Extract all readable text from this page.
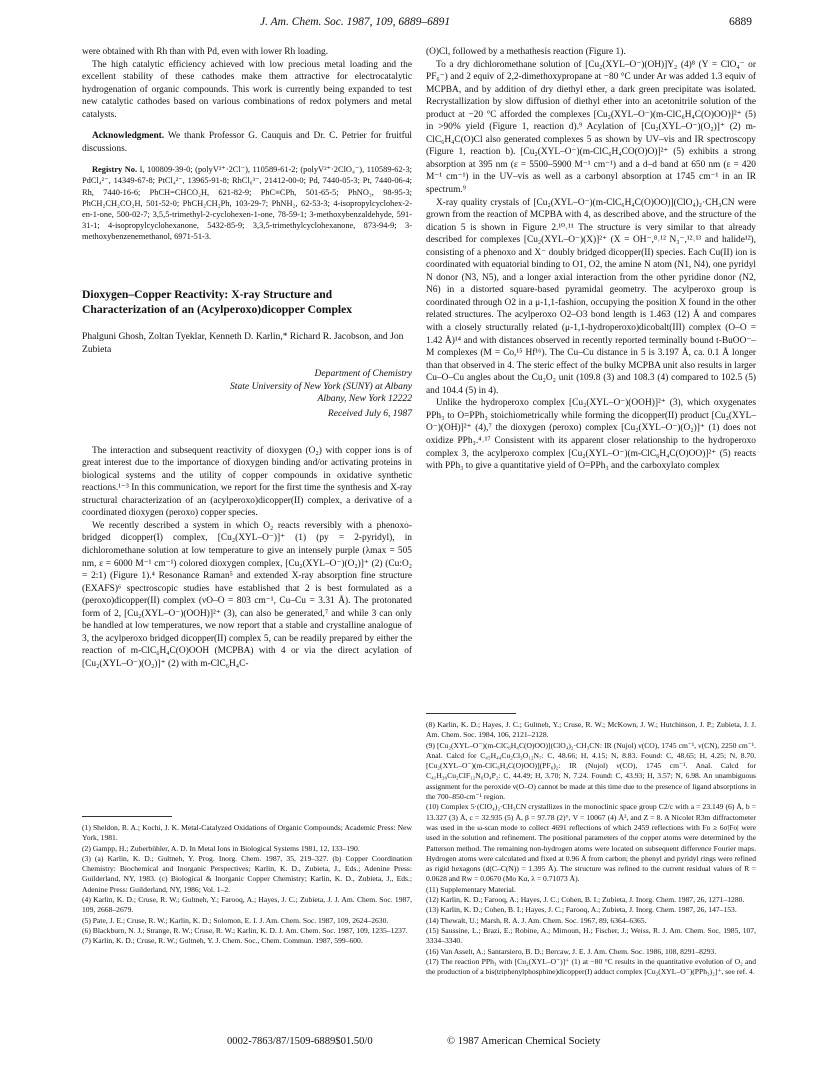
J. Am. Chem. Soc. 1987, 109, 6889–6891	6889

were obtained with Rh than with Pd, even with lower Rh loading.

The high catalytic efficiency achieved with low precious metal loading and the excellent stability of these cathodes make them attractive for electrocatalytic hydrogenation of organic compounds. This work is currently being expanded to test new catalytic cathodes based on various combinations of redox polymers and metal catalysts.

Acknowledgment. We thank Professor G. Cauquis and Dr. C. Petrier for fruitful discussions.

Registry No. I, 100809-39-0; (polyV²⁺·2Cl⁻), 110589-61-2; (polyV²⁺·2ClO₄⁻), 110589-62-3; PdCl₄²⁻, 14349-67-8; PtCl₄²⁻, 13965-91-8; RhCl₆³⁻, 21412-00-0; Pd, 7440-05-3; Pt, 7440-06-4; Rh, 7440-16-6; PhCH=CHCO₂H, 621-82-9; PhC≡CPh, 501-65-5; PhNO₂, 98-95-3; PhCH₂CH₂CO₂H, 501-52-0; PhCH₂CH₂Ph, 103-29-7; PhNH₂, 62-53-3; 4-isopropylcyclohex-2-en-1-one, 500-02-7; 3,5,5-trimethyl-2-cyclohexen-1-one, 78-59-1; 3-methoxybenzaldehyde, 591-31-1; 4-isopropylcyclohexanone, 5432-85-9; 3,3,5-trimethylcyclohexanone, 873-94-9; 3-methoxybenzenemethanol, 6971-51-3.

Dioxygen–Copper Reactivity: X-ray Structure and Characterization of an (Acylperoxo)dicopper Complex
Phalguni Ghosh, Zoltan Tyeklar, Kenneth D. Karlin,* Richard R. Jacobson, and Jon Zubieta
Department of Chemistry
State University of New York (SUNY) at Albany
Albany, New York 12222
Received July 6, 1987

The interaction and subsequent reactivity of dioxygen (O₂) with copper ions is of great interest due to the importance of dioxygen binding and/or activating proteins in biological systems and the utility of copper compounds in oxidative synthetic reactions.¹⁻³ In this communication, we report for the first time the synthesis and X-ray structural characterization of an (acylperoxo)dicopper(II) complex, a derivative of a coordinated dioxygen (peroxo) copper species.

We recently described a system in which O₂ reacts reversibly with a phenoxo-bridged dicopper(I) complex, [Cu₂(XYL–O⁻)]⁺ (1) (py = 2-pyridyl), in dichloromethane solution at low temperature to give an intensely purple (λmax = 505 nm, ε = 6000 M⁻¹ cm⁻¹) colored dioxygen complex, [Cu₂(XYL–O⁻)(O₂)]⁺ (2) (Cu:O₂ = 2:1) (Figure 1).⁴ Resonance Raman⁵ and extended X-ray absorption fine structure (EXAFS)⁶ spectroscopic studies have established that 2 is best formulated as a (peroxo)dicopper(II) complex (νO–O = 803 cm⁻¹, Cu–Cu = 3.31 Å). The protonated form of 2, [Cu₂(XYL–O⁻)(OOH)]²⁺ (3), can also be generated,⁷ and while 3 can only be handled at low temperatures, we now report that a stable and crystalline analogue of 3, the acylperoxo bridged dicopper(II) complex 5, can be readily prepared by either the reaction of m-ClC₆H₄C(O)OOH (MCPBA) with 4 or via the direct acylation of [Cu₂(XYL–O⁻)(O₂)]⁺ (2) with m-ClC₆H₄C-

(1) Sheldon, R. A.; Kochi, J. K. Metal-Catalyzed Oxidations of Organic Compounds; Academic Press: New York, 1981.

(2) Gampp, H.; Zuberbühler, A. D. In Metal Ions in Biological Systems 1981, 12, 133–190.

(3) (a) Karlin, K. D.; Gultneh, Y. Prog. Inorg. Chem. 1987, 35, 219–327. (b) Copper Coordination Chemistry: Biochemical and Inorganic Perspectives; Karlin, K. D., Zubieta, J., Eds.; Adenine Press: Guilderland, NY, 1983. (c) Biological & Inorganic Copper Chemistry; Karlin, K. D., Zubieta, J., Eds.; Adenine Press: Guilderland, NY, 1986; Vol. 1–2.

(4) Karlin, K. D.; Cruse, R. W.; Gultneh, Y.; Farooq, A.; Hayes, J. C.; Zubieta, J. J. Am. Chem. Soc. 1987, 109, 2668–2679.

(5) Pate, J. E.; Cruse, R. W.; Karlin, K. D.; Solomon, E. I. J. Am. Chem. Soc. 1987, 109, 2624–2630.

(6) Blackburn, N. J.; Strange, R. W.; Cruse, R. W.; Karlin, K. D. J. Am. Chem. Soc. 1987, 109, 1235–1237.

(7) Karlin, K. D.; Cruse, R. W.; Gultneh, Y. J. Chem. Soc., Chem. Commun. 1987, 599–600.

(O)Cl, followed by a methathesis reaction (Figure 1).

To a dry dichloromethane solution of [Cu₂(XYL–O⁻)(OH)]Y₂ (4)⁸ (Y = ClO₄⁻ or PF₆⁻) and 2 equiv of 2,2-dimethoxypropane at −80 °C under Ar was added 1.3 equiv of MCPBA, and by addition of dry diethyl ether, a dark green precipitate was isolated. Recrystallization by slow diffusion of diethyl ether into an acetonitrile solution of the product at −20 °C afforded the complexes [Cu₂(XYL–O⁻)(m-ClC₆H₄C(O)OO)]²⁺ (5) in >90% yield (Figure 1, reaction d).⁹ Acylation of [Cu₂(XYL–O⁻)(O₂)]⁺ (2) m-ClC₆H₄C(O)Cl also generated complexes 5 as shown by UV–vis and IR spectroscopy (Figure 1, reaction b). [Cu₂(XYL–O⁻)(m-ClC₆H₄CO(O)O)]²⁺ (5) exhibits a strong absorption at 395 nm (ε = 5500–5900 M⁻¹ cm⁻¹) and a d–d band at 650 nm (ε = 420 M⁻¹ cm⁻¹) in the UV–vis as well as a carbonyl absorption at 1745 cm⁻¹ in an IR spectrum.⁹

X-ray quality crystals of [Cu₂(XYL–O⁻)(m-ClC₆H₄C(O)OO)](ClO₄)₂·CH₃CN were grown from the reaction of MCPBA with 4, as described above, and the structure of the dication 5 is shown in Figure 2.¹⁰˒¹¹ The structure is very similar to that already described for complexes [Cu₂(XYL–O⁻)(X)]²⁺ (X = OH⁻,⁸˒¹² N₃⁻,¹²˒¹³ and halide¹²), consisting of a phenoxo and X⁻ doubly bridged dicopper(II) species. Each Cu(II) ion is coordinated with equatorial binding to O1, O2, the amine N atom (N1, N4), one pyridyl N donor (N3, N5), and a longer axial interaction from the other pyridine donor (N2, N6) in a distorted square-based pyramidal geometry. The acylperoxo group is coordinated through O2 in a μ-1,1-fashion, occupying the position X found in the other related structures. The acylperoxo O2–O3 bond length is 1.463 (12) Å and compares with a closely structurally related (μ-1,1-hydroperoxo)dicobalt(III) complex (O–O = 1.42 Å)¹⁴ and with distances observed in recently reported terminally bound t-BuOO⁻–M complexes (M = Co,¹⁵ Hf¹⁶). The Cu–Cu distance in 5 is 3.197 Å, ca. 0.1 Å longer than that observed in 4. The steric effect of the bulky MCPBA unit also results in larger Cu–O–Cu angles about the Cu₂O₂ unit (109.8 (3) and 108.3 (4) compared to 102.5 (5) and 104.4 (5) in 4).

Unlike the hydroperoxo complex [Cu₂(XYL–O⁻)(OOH)]²⁺ (3), which oxygenates PPh₃ to O=PPh₃ stoichiometrically while forming the dicopper(II) product [Cu₂(XYL–O⁻)(OH)]²⁺ (4),⁷ the dioxygen (peroxo) complex [Cu₂(XYL–O⁻)(O₂)]⁺ (1) does not oxidize PPh₃.⁴˒¹⁷ Consistent with its apparent closer relationship to the hydroperoxo complex 3, the acylperoxo complex [Cu₂(XYL–O⁻)(m-ClC₆H₄C(O)OO)]²⁺ (5) reacts with PPh₃ to give a quantitative yield of O=PPh₃ and the carboxylato complex

(8) Karlin, K. D.; Hayes, J. C.; Gultneh, Y.; Cruse, R. W.; McKown, J. W.; Hutchinson, J. P.; Zubieta, J. J. Am. Chem. Soc. 1984, 106, 2121–2128.

(9) [Cu₂(XYL–O⁻)(m-ClC₆H₄C(O)OO)](ClO₄)₂·CH₃CN: IR (Nujol) ν(CO), 1745 cm⁻¹, ν(CN), 2250 cm⁻¹. Anal. Calcd for C₄₅H₄₄Cu₂Cl₃O₁₂N₇: C, 48.66; H, 4.15; N, 8.83. Found: C, 48.65; H, 4.25; N, 8.70. [Cu₂(XYL–O⁻)(m-ClC₆H₄C(O)OO)](PF₆)₂: IR (Nujol) ν(CO), 1745 cm⁻¹. Anal. Calcd for C₄₁H₃₉Cu₂ClF₁₂N₆O₄P₂: C, 44.49; H, 3.70; N, 7.24. Found: C, 43.93; H, 3.57; N, 6.98. An unambiguous assignment for the peroxide ν(O–O) cannot be made at this time due to the presence of ligand absorptions in the 700–850-cm⁻¹ region.

(10) Complex 5·(ClO₄)₂·CH₃CN crystallizes in the monoclinic space group C2/c with a = 23.149 (6) Å, b = 13.327 (3) Å, c = 32.935 (5) Å, β = 97.78 (2)°, V = 10067 (4) Å³, and Z = 8. A Nicolet R3m diffractometer was used in the ω-scan mode to collect 4691 reflections of which 2459 reflections with Fo ≥ 6σ|Fo| were used in the solution and refinement. The positional parameters of the copper atoms were determined by the Patterson method. The remaining non-hydrogen atoms were located on subsequent difference Fourier maps. Hydrogen atoms were calculated and fixed at 0.96 Å from carbon; the phenyl and pyridyl rings were refined as rigid hexagons (d(C–C(N)) = 1.395 Å). The structure was refined to the current residual values of R = 0.0628 and Rw = 0.0670 (Mo Kα, λ = 0.71073 Å).

(11) Supplementary Material.

(12) Karlin, K. D.; Farooq, A.; Hayes, J. C.; Cohen, B. I.; Zubieta, J. Inorg. Chem. 1987, 26, 1271–1280.

(13) Karlin, K. D.; Cohen, B. I.; Hayes, J. C.; Farooq, A.; Zubieta, J. Inorg. Chem. 1987, 26, 147–153.

(14) Thewalt, U.; Marsh, R. A. J. Am. Chem. Soc. 1967, 89, 6364–6365.

(15) Saussine, L.; Brazi, E.; Robine, A.; Mimoun, H.; Fischer, J.; Weiss, R. J. Am. Chem. Soc. 1985, 107, 3334–3340.

(16) Van Asselt, A.; Santarsiero, B. D.; Bercaw, J. E. J. Am. Chem. Soc. 1986, 108, 8291–8293.

(17) The reaction PPh₃ with [Cu₂(XYL–O⁻)]⁺ (1) at −80 °C results in the quantitative evolution of O₂ and the production of a bis(triphenylphosphine)dicopper(I) adduct complex [Cu₂(XYL–O⁻)(PPh₃)₂]⁺, see ref. 4.

0002-7863/87/1509-6889$01.50/0	© 1987 American Chemical Society
